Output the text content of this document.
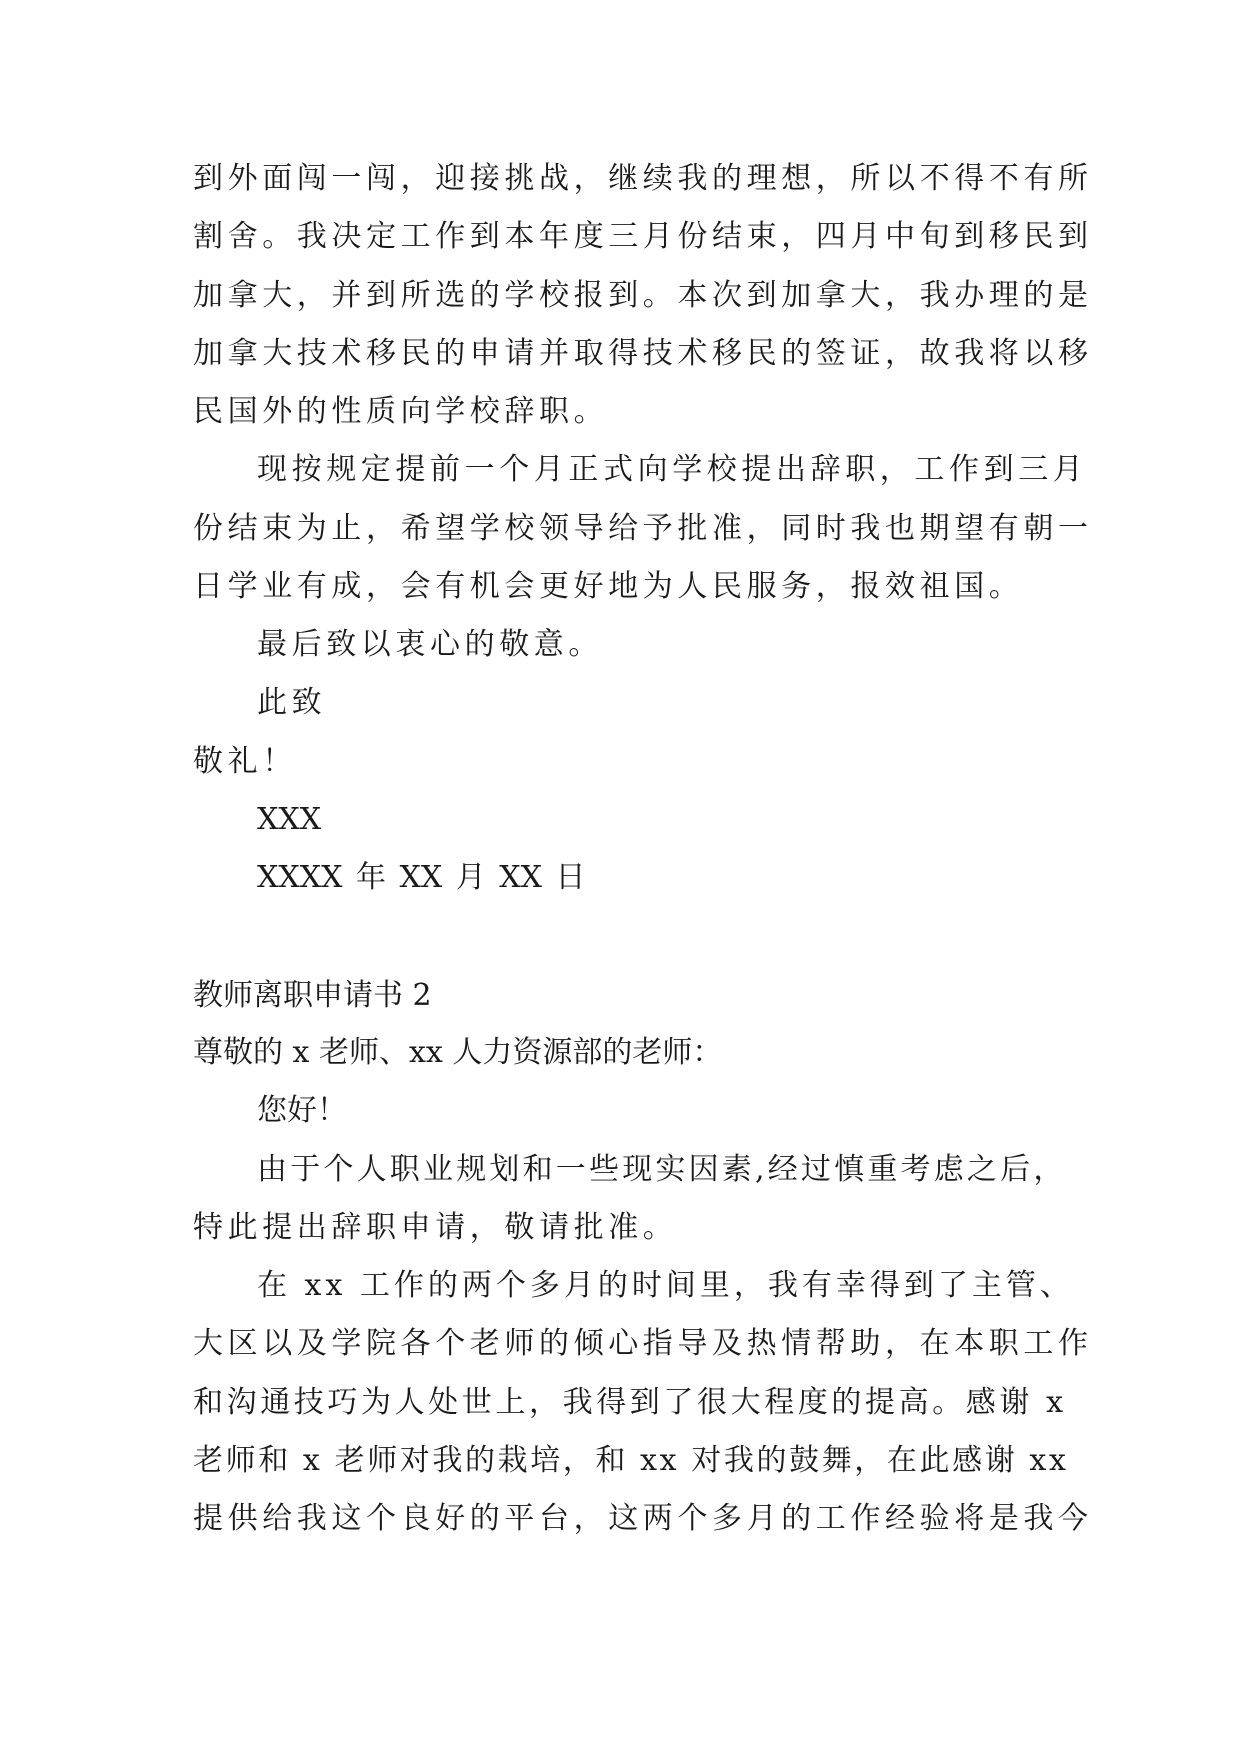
到外面闯一闯，迎接挑战，继续我的理想，所以不得不有所
割舍。我决定工作到本年度三月份结束，四月中旬到移民到
加拿大，并到所选的学校报到。本次到加拿大，我办理的是
加拿大技术移民的申请并取得技术移民的签证，故我将以移
民国外的性质向学校辞职。
现按规定提前一个月正式向学校提出辞职，工作到三月
份结束为止，希望学校领导给予批准，同时我也期望有朝一
日学业有成，会有机会更好地为人民服务，报效祖国。
最后致以衷心的敬意。
此致
敬礼！
XXX
XXXX 年 XX 月 XX 日
教师离职申请书 2
尊敬的 x 老师、xx 人力资源部的老师：
您好！
由于个人职业规划和一些现实因素,经过慎重考虑之后，
特此提出辞职申请，敬请批准。
在 xx 工作的两个多月的时间里，我有幸得到了主管、
大区以及学院各个老师的倾心指导及热情帮助，在本职工作
和沟通技巧为人处世上，我得到了很大程度的提高。感谢 x
老师和 x 老师对我的栽培，和 xx 对我的鼓舞，在此感谢 xx
提供给我这个良好的平台，这两个多月的工作经验将是我今
